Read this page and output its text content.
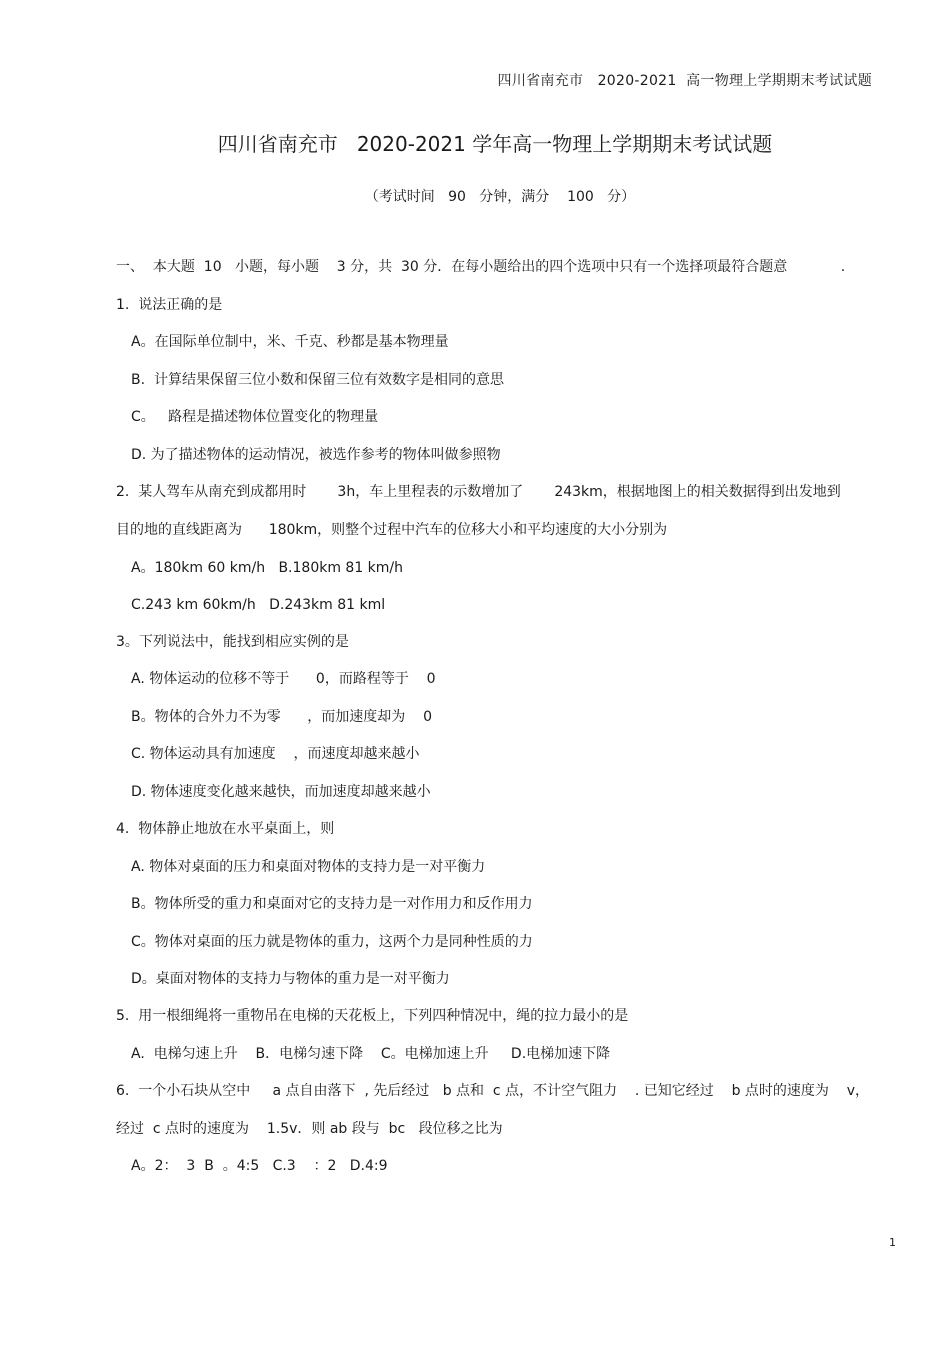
四川省南充市   2020-2021  高一物理上学期期末考试试题
四川省南充市   2020-2021 学年高一物理上学期期末考试试题
（考试时间   90   分钟，满分    100   分）
一、  本大题  10   小题，每小题    3 分，共  30 分．在每小题给出的四个选项中只有一个选择项最符合题意            .
1.  说法正确的是
A。在国际单位制中，米、千克、秒都是基本物理量
B.  计算结果保留三位小数和保留三位有效数字是相同的意思
C。   路程是描述物体位置变化的物理量
D. 为了描述物体的运动情况，被选作参考的物体叫做参照物
2.  某人驾车从南充到成都用时       3h，车上里程表的示数增加了       243km，根据地图上的相关数据得到出发地到
目的地的直线距离为      180km，则整个过程中汽车的位移大小和平均速度的大小分别为
A。180km 60 km/h   B.180km 81 km/h
C.243 km 60km/h   D.243km 81 kml
3。下列说法中，能找到相应实例的是
A. 物体运动的位移不等于      0，而路程等于    0
B。物体的合外力不为零      ，而加速度却为    0
C. 物体运动具有加速度    ，而速度却越来越小
D. 物体速度变化越来越快，而加速度却越来越小
4.  物体静止地放在水平桌面上，则
A. 物体对桌面的压力和桌面对物体的支持力是一对平衡力
B。物体所受的重力和桌面对它的支持力是一对作用力和反作用力
C。物体对桌面的压力就是物体的重力，这两个力是同种性质的力
D。桌面对物体的支持力与物体的重力是一对平衡力
5.  用一根细绳将一重物吊在电梯的天花板上，下列四种情况中，绳的拉力最小的是
A.  电梯匀速上升    B．电梯匀速下降    C。电梯加速上升     D.电梯加速下降
6.  一个小石块从空中     a 点自由落下  , 先后经过   b 点和  c 点，不计空气阻力    . 已知它经过    b 点时的速度为    v，
经过  c 点时的速度为    1.5v．则 ab 段与  bc   段位移之比为
A。2：  3  B  。4:5   C.3    ：2   D.4:9
1
